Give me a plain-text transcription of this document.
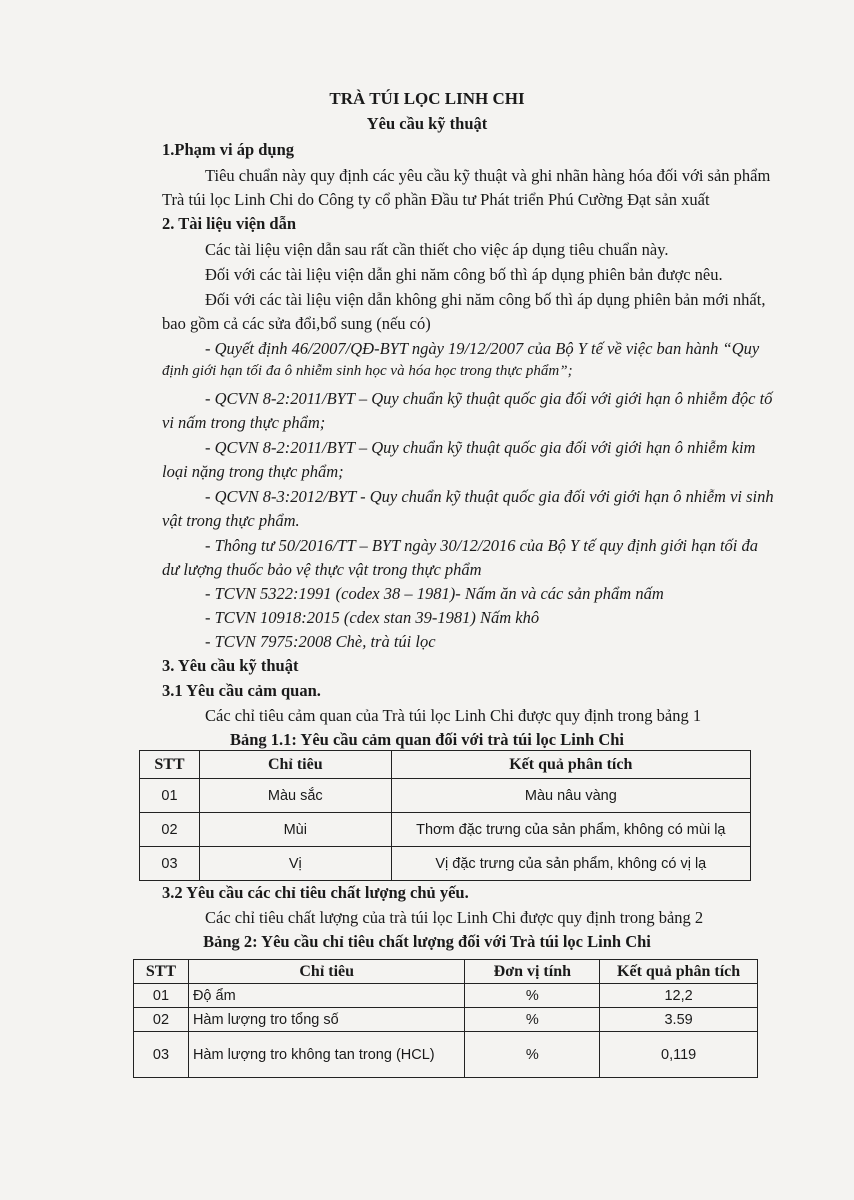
TRÀ TÚI LỌC LINH CHI
Yêu cầu kỹ thuật
1.Phạm vi áp dụng
Tiêu chuẩn này quy định các yêu cầu kỹ thuật và ghi nhãn hàng hóa đối với sản phẩm
Trà túi lọc Linh Chi do Công ty cổ phần Đầu tư Phát triển Phú Cường Đạt sản xuất
2. Tài liệu viện dẫn
Các tài liệu viện dẫn sau rất cần thiết cho việc áp dụng tiêu chuẩn này.
Đối với các tài liệu viện dẫn ghi năm công bố thì áp dụng phiên bản được nêu.
Đối với các tài liệu viện dẫn không ghi năm công bố thì áp dụng phiên bản mới nhất,
bao gồm cả các sửa đổi,bổ sung (nếu có)
- Quyết định 46/2007/QĐ-BYT ngày 19/12/2007 của Bộ Y tế về việc ban hành “Quy
định giới hạn tối đa ô nhiễm sinh học và hóa học trong thực phẩm”;
- QCVN 8-2:2011/BYT – Quy chuẩn kỹ thuật quốc gia đối với giới hạn ô nhiễm độc tố
vi nấm trong thực phẩm;
- QCVN 8-2:2011/BYT – Quy chuẩn kỹ thuật quốc gia đối với giới hạn ô nhiễm kim
loại nặng trong thực phẩm;
- QCVN 8-3:2012/BYT - Quy chuẩn kỹ thuật quốc gia đối với giới hạn ô nhiễm vi sinh
vật trong thực phẩm.
- Thông tư 50/2016/TT – BYT ngày 30/12/2016 của Bộ Y tế quy định giới hạn tối đa
dư lượng thuốc bảo vệ thực vật trong thực phẩm
- TCVN 5322:1991 (codex 38 – 1981)- Nấm ăn và các sản phẩm nấm
- TCVN 10918:2015 (cdex stan 39-1981) Nấm khô
- TCVN 7975:2008 Chè, trà túi lọc
3. Yêu cầu kỹ thuật
3.1 Yêu cầu cảm quan.
Các chỉ tiêu cảm quan của Trà túi lọc Linh Chi được quy định trong bảng 1
Bảng 1.1: Yêu cầu cảm quan đối với trà túi lọc Linh Chi
STT	Chỉ tiêu	Kết quả phân tích
01	Màu sắc	Màu nâu vàng
02	Mùi	Thơm đặc trưng của sản phẩm, không có mùi lạ
03	Vị	Vị đặc trưng của sản phẩm, không có vị lạ
3.2 Yêu cầu các chỉ tiêu chất lượng chủ yếu.
Các chỉ tiêu chất lượng của trà túi lọc Linh Chi được quy định trong bảng 2
Bảng 2: Yêu cầu chỉ tiêu chất lượng đối với Trà túi lọc Linh Chi
STT	Chỉ tiêu	Đơn vị tính	Kết quả phân tích
01	Độ ẩm	%	12,2
02	Hàm lượng tro tổng số	%	3.59
03	Hàm lượng tro không tan trong (HCL)	%	0,119
